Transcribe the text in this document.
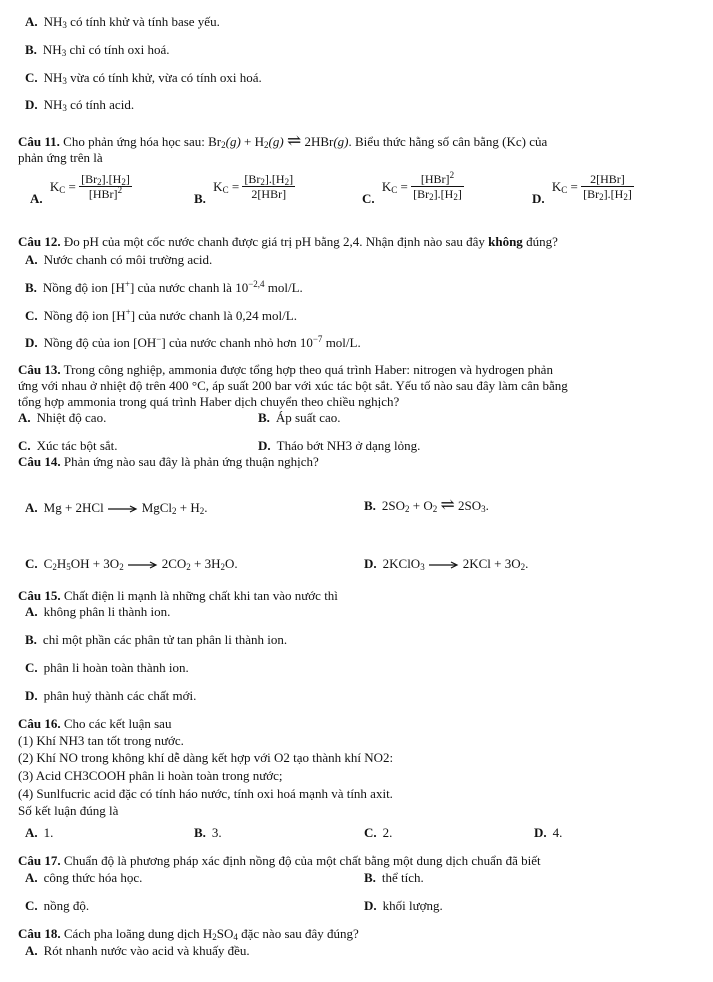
A. $NH_3$ có tính khử và tính base yếu.
B. $NH_3$ chỉ có tính oxi hoá.
C. $NH_3$ vừa có tính khử, vừa có tính oxi hoá.
D. $NH_3$ có tính acid.
Câu 11. Cho phản ứng hóa học sau: $Br_2(g) + H_2(g)$ ⇌ 2HBr(g). Biểu thức hằng số cân bằng (Kc) của
phản ứng trên là
A. $K_C = \frac{[Br_2].[H_2]}{[HBr]^2}$	B. $K_C = \frac{[Br_2].[H_2]}{\text{2[HBr]}}$	C. $K_C = \frac{[HBr]^2}{[Br_2].[H_2]}$	D. $K_C = \frac{\text{2[HBr]}}{[Br_2].[H_2]}$
Câu 12. Đo pH của một cốc nước chanh được giá trị pH bằng 2,4. Nhận định nào sau đây không đúng?
A. Nước chanh có môi trường acid.
B. Nồng độ ion [H+] của nước chanh là $10^{-2,4}$ mol/L.
C. Nồng độ ion [H+] của nước chanh là 0,24 mol/L.
D. Nồng độ của ion [OH−] của nước chanh nhỏ hơn $10^{-7}$ mol/L.
Câu 13. Trong công nghiệp, ammonia được tổng hợp theo quá trình Haber: nitrogen và hydrogen phản
ứng với nhau ở nhiệt độ trên 400 °C, áp suất 200 bar với xúc tác bột sắt. Yếu tố nào sau đây làm cân bằng
tổng hợp ammonia trong quá trình Haber dịch chuyển theo chiều nghịch?
A. Nhiệt độ cao.	B. Áp suất cao.
C. Xúc tác bột sắt.	D. Tháo bớt NH3 ở dạng lỏng.
Câu 14. Phản ứng nào sau đây là phản ứng thuận nghịch?
A. Mg + 2HCl	MgCl$_2$ + $H_2$.	B. $2SO_2 + O_2$ ⇌ $2SO_3$.
C. $C_2H_5OH + 3O_2$	$2CO_2 + 3H_2O$.	D. 2KClO$_3$	$2KCl + 3O_2$.
Câu 15. Chất điện li mạnh là những chất khi tan vào nước thì
A. không phân li thành ion.
B. chỉ một phần các phân tử tan phân li thành ion.
C. phân li hoàn toàn thành ion.
D. phân huỷ thành các chất mới.
Câu 16. Cho các kết luận sau
(1) Khí NH3 tan tốt trong nước.
(2) Khí NO trong không khí dễ dàng kết hợp với O2 tạo thành khí NO2:
(3) Acid CH3COOH phân li hoàn toàn trong nước;
(4) Sunlfucric acid đặc có tính háo nước, tính oxi hoá mạnh và tính axit.
Số kết luận đúng là
A. 1.	B. 3.	C. 2.	D. 4.
Câu 17. Chuẩn độ là phương pháp xác định nồng độ của một chất bằng một dung dịch chuẩn đã biết
A. công thức hóa học.	B. thể tích.
C. nồng độ.	D. khối lượng.
Câu 18. Cách pha loãng dung dịch $H_2SO_4$ đặc nào sau đây đúng?
A. Rót nhanh nước vào acid và khuấy đều.
